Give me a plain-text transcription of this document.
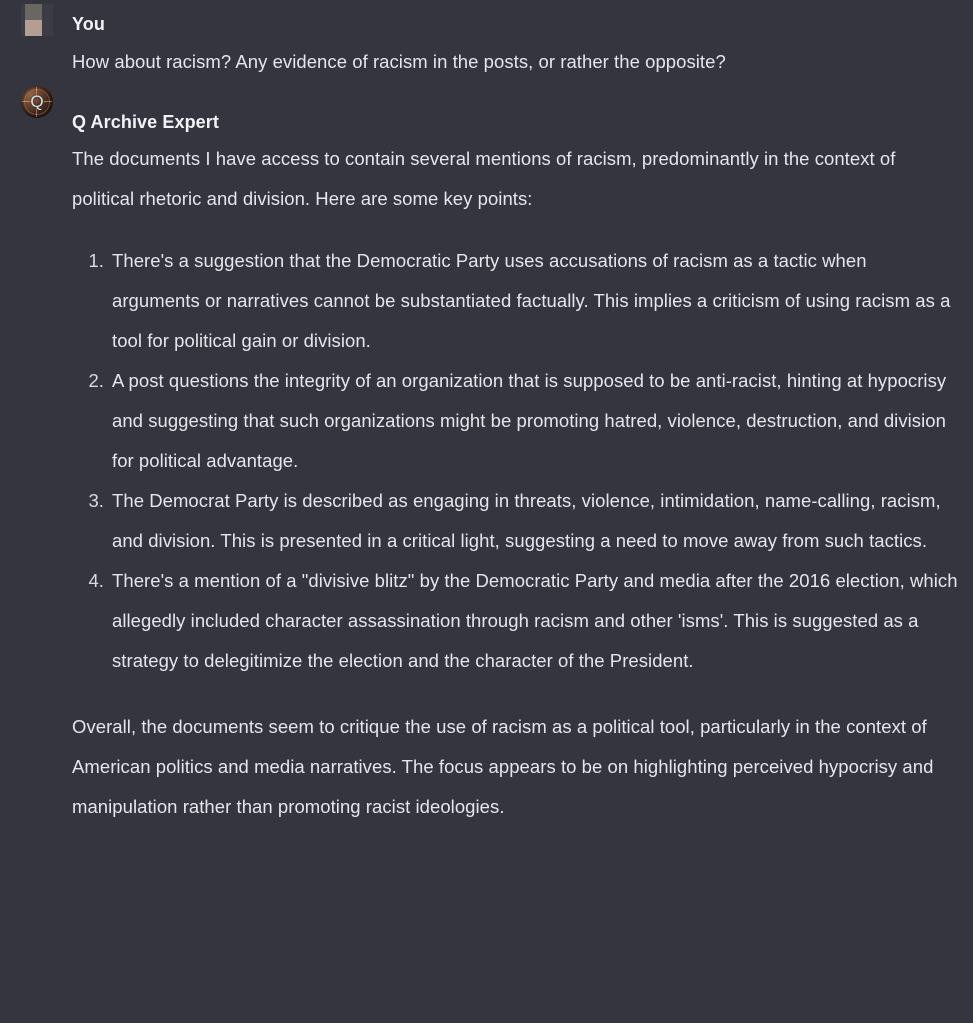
You

How about racism? Any evidence of racism in the posts, or rather the opposite?

Q
Q Archive Expert

The documents I have access to contain several mentions of racism, predominantly in the context of political rhetoric and division. Here are some key points:

1. There's a suggestion that the Democratic Party uses accusations of racism as a tactic when arguments or narratives cannot be substantiated factually. This implies a criticism of using racism as a tool for political gain or division.
2. A post questions the integrity of an organization that is supposed to be anti-racist, hinting at hypocrisy and suggesting that such organizations might be promoting hatred, violence, destruction, and division for political advantage.
3. The Democrat Party is described as engaging in threats, violence, intimidation, name-calling, racism, and division. This is presented in a critical light, suggesting a need to move away from such tactics.
4. There's a mention of a "divisive blitz" by the Democratic Party and media after the 2016 election, which allegedly included character assassination through racism and other 'isms'. This is suggested as a strategy to delegitimize the election and the character of the President.

Overall, the documents seem to critique the use of racism as a political tool, particularly in the context of American politics and media narratives. The focus appears to be on highlighting perceived hypocrisy and manipulation rather than promoting racist ideologies.
